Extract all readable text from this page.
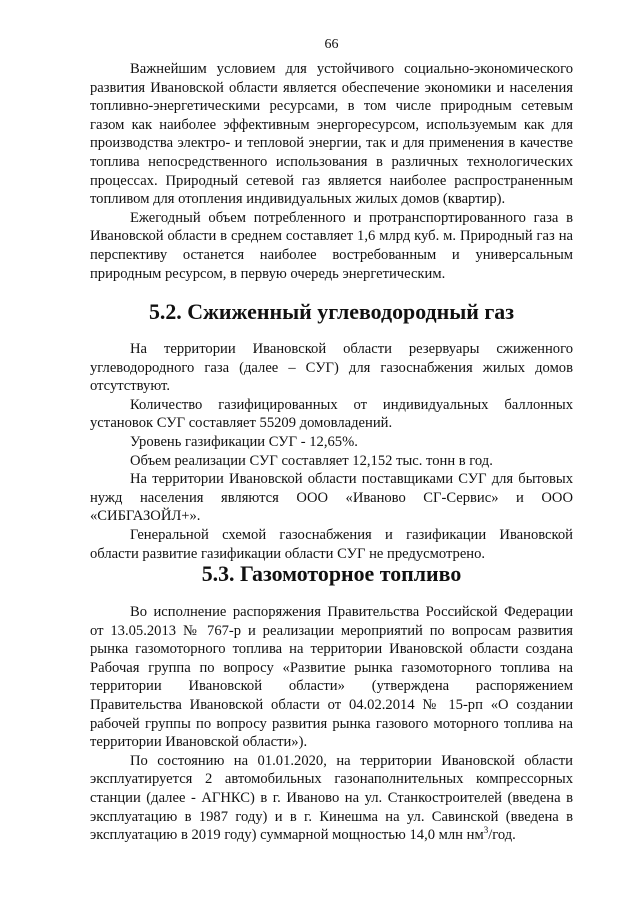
66

Важнейшим условием для устойчивого социально-экономического развития Ивановской области является обеспечение экономики и населения топливно-энергетическими ресурсами, в том числе природным сетевым газом как наиболее эффективным энергоресурсом, используемым как для производства электро- и тепловой энергии, так и для применения в качестве топлива непосредственного использования в различных технологических процессах. Природный сетевой газ является наиболее распространенным топливом для отопления индивидуальных жилых домов (квартир).

Ежегодный объем потребленного и протранспортированного газа в Ивановской области в среднем составляет 1,6 млрд куб. м. Природный газ на перспективу останется наиболее востребованным и универсальным природным ресурсом, в первую очередь энергетическим.

5.2. Сжиженный углеводородный газ

На территории Ивановской области резервуары сжиженного углеводородного газа (далее – СУГ) для газоснабжения жилых домов отсутствуют.

Количество газифицированных от индивидуальных баллонных установок СУГ составляет 55209 домовладений.

Уровень газификации СУГ - 12,65%.

Объем реализации СУГ составляет 12,152 тыс. тонн в год.

На территории Ивановской области поставщиками СУГ для бытовых нужд населения являются ООО «Иваново СГ-Сервис» и ООО «СИБГАЗОЙЛ+».

Генеральной схемой газоснабжения и газификации Ивановской области развитие газификации области СУГ не предусмотрено.

5.3. Газомоторное топливо

Во исполнение распоряжения Правительства Российской Федерации от 13.05.2013 № 767-р и реализации мероприятий по вопросам развития рынка газомоторного топлива на территории Ивановской области создана Рабочая группа по вопросу «Развитие рынка газомоторного топлива на территории Ивановской области» (утверждена распоряжением Правительства Ивановской области от 04.02.2014 № 15-рп «О создании рабочей группы по вопросу развития рынка газового моторного топлива на территории Ивановской области»).

По состоянию на 01.01.2020, на территории Ивановской области эксплуатируется 2 автомобильных газонаполнительных компрессорных станции (далее - АГНКС) в г. Иваново на ул. Станкостроителей (введена в эксплуатацию в 1987 году) и в г. Кинешма на ул. Савинской (введена в эксплуатацию в 2019 году) суммарной мощностью 14,0 млн $нм^3$/год.
